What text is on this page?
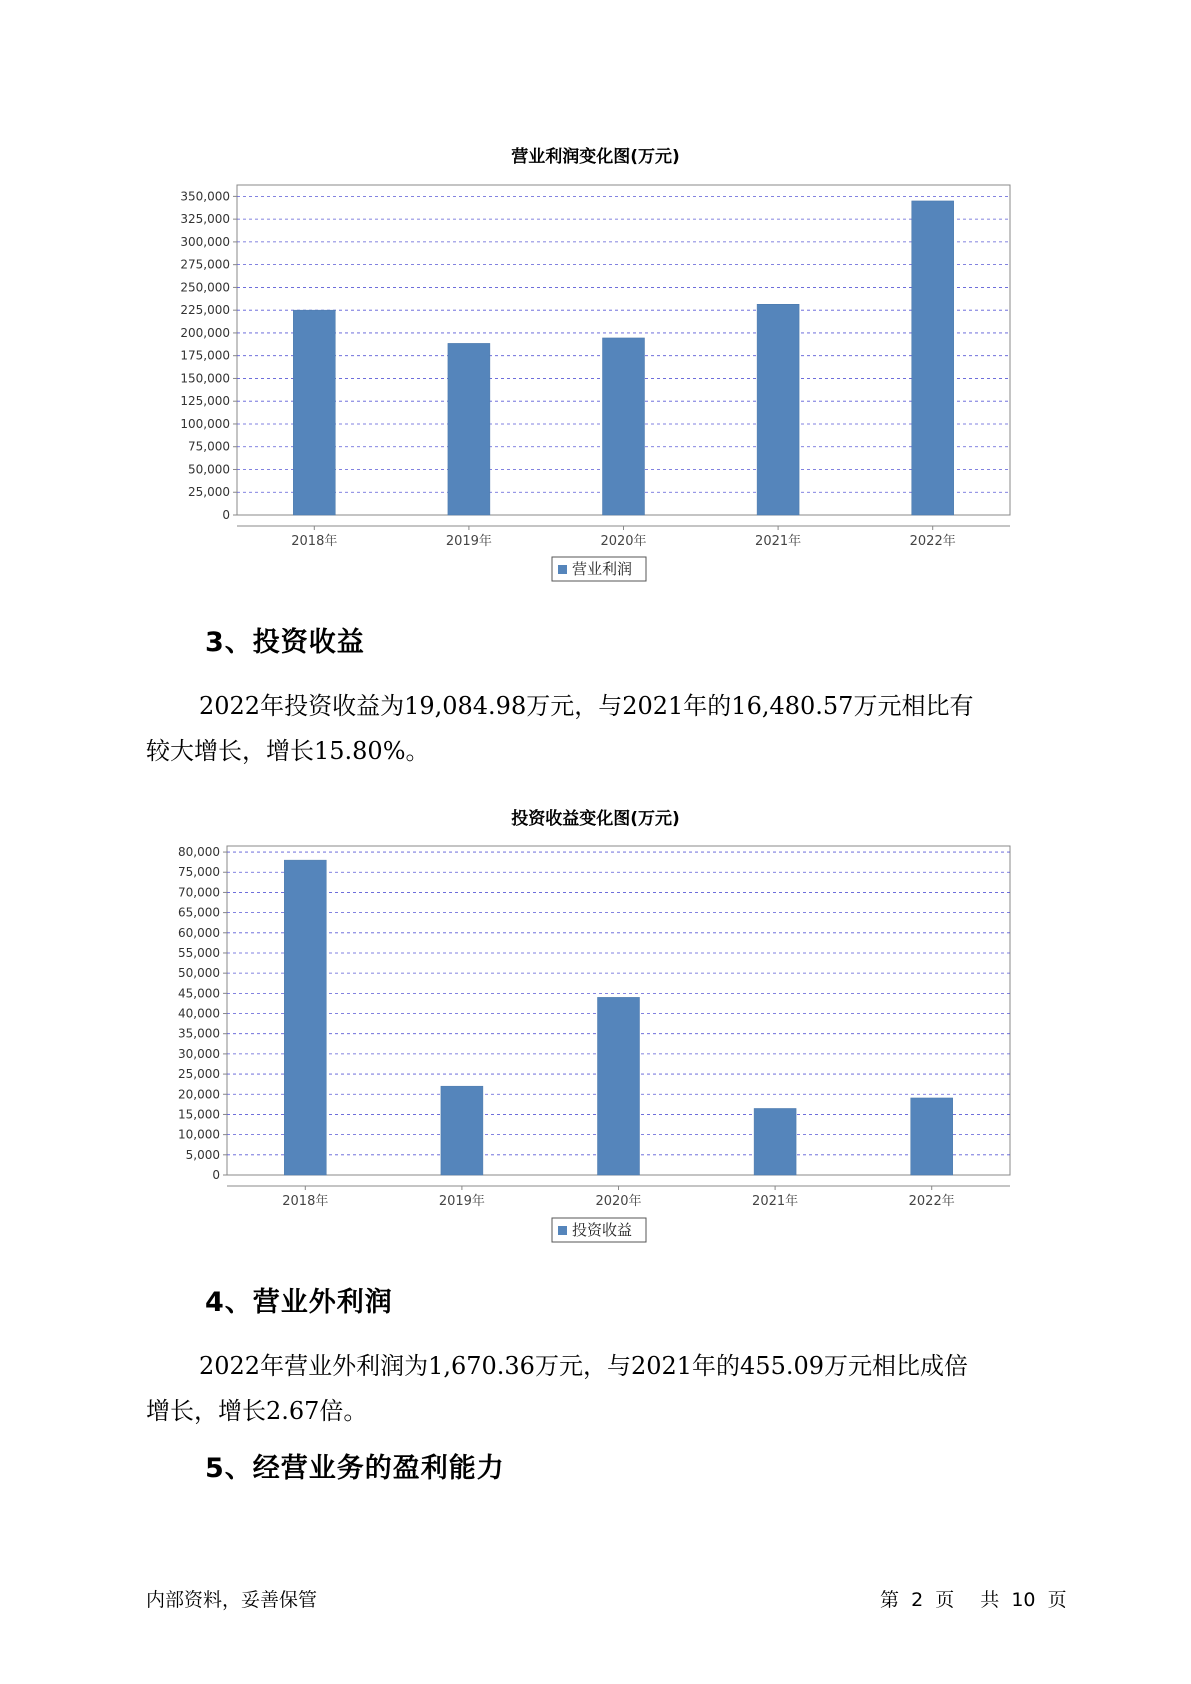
营业利润变化图(万元)
0
25,000
50,000
75,000
100,000
125,000
150,000
175,000
200,000
225,000
250,000
275,000
300,000
325,000
350,000
2018年	2019年	2020年	2021年	2022年
营业利润
3、投资收益
2022年投资收益为19,084.98万元，与2021年的16,480.57万元相比有
较大增长，增长15.80%。
投资收益变化图(万元)
0
5,000
10,000
15,000
20,000
25,000
30,000
35,000
40,000
45,000
50,000
55,000
60,000
65,000
70,000
75,000
80,000
2018年	2019年	2020年	2021年	2022年
投资收益
4、营业外利润
2022年营业外利润为1,670.36万元，与2021年的455.09万元相比成倍
增长，增长2.67倍。
5、经营业务的盈利能力
内部资料，妥善保管	第 2 页 共 10 页
